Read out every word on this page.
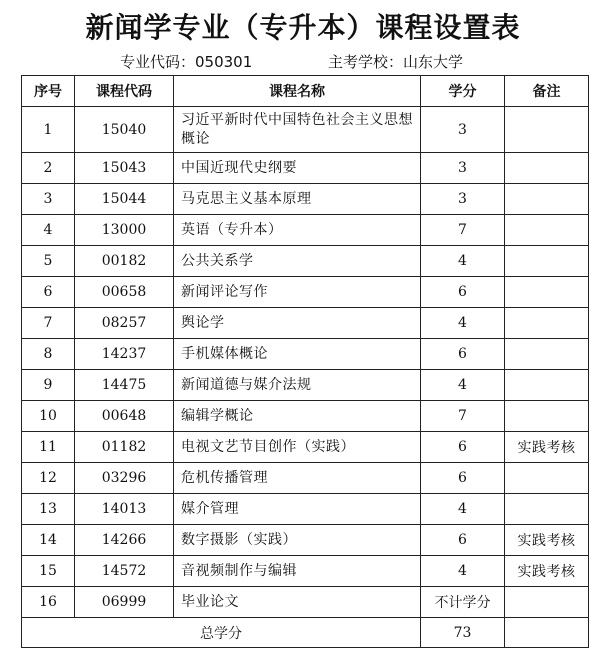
新闻学专业（专升本）课程设置表
专业代码：050301	主考学校：山东大学
序号	课程代码	课程名称	学分	备注
1	15040	习近平新时代中国特色社会主义思想概论	3	
2	15043	中国近现代史纲要	3	
3	15044	马克思主义基本原理	3	
4	13000	英语（专升本）	7	
5	00182	公共关系学	4	
6	00658	新闻评论写作	6	
7	08257	舆论学	4	
8	14237	手机媒体概论	6	
9	14475	新闻道德与媒介法规	4	
10	00648	编辑学概论	7	
11	01182	电视文艺节目创作（实践）	6	实践考核
12	03296	危机传播管理	6	
13	14013	媒介管理	4	
14	14266	数字摄影（实践）	6	实践考核
15	14572	音视频制作与编辑	4	实践考核
16	06999	毕业论文	不计学分	
总学分			73	
